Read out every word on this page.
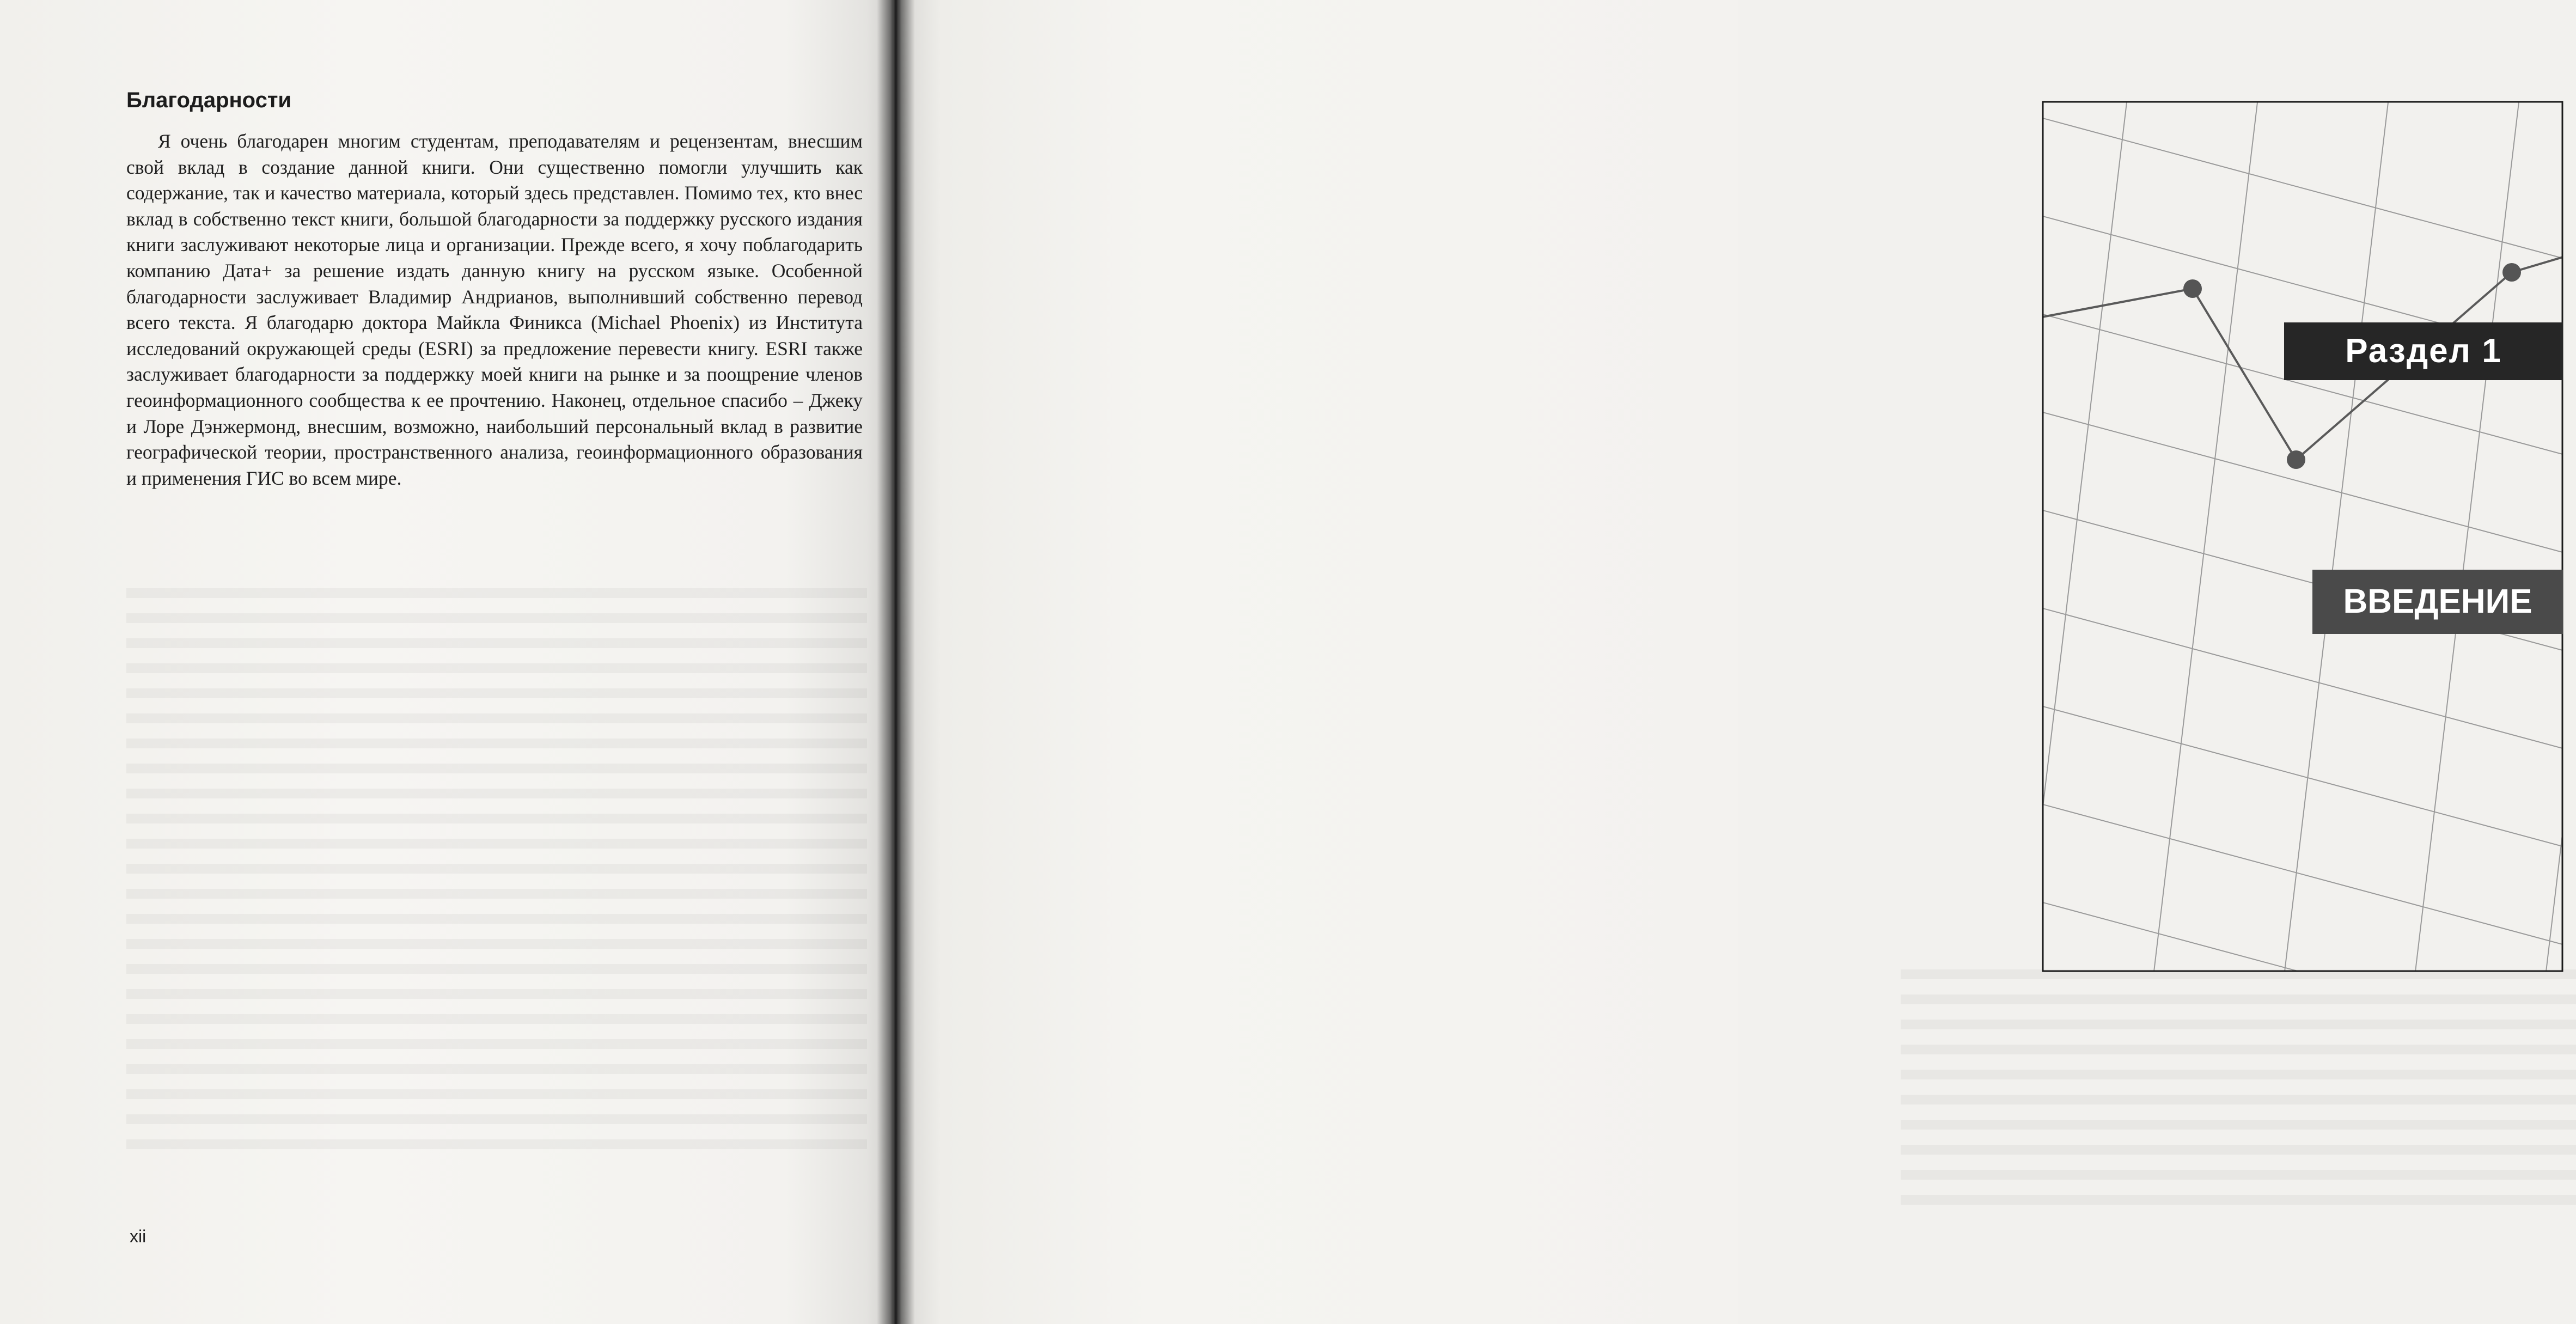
Благодарности

Я очень благодарен многим студентам, преподавателям и рецензентам, внесшим свой вклад в создание данной книги. Они существенно помогли улучшить как содержание, так и качество материала, который здесь представлен. Помимо тех, кто внес вклад в собственно текст книги, большой благодарности за поддержку русского издания книги заслуживают некоторые лица и организации. Прежде всего, я хочу поблагодарить компанию Дата+ за решение издать данную книгу на русском языке. Особенной благодарности заслуживает Владимир Андрианов, выполнивший собственно перевод всего текста. Я благодарю доктора Майкла Финикса (Michael Phoenix) из Института исследований окружающей среды (ESRI) за предложение перевести книгу. ESRI также заслуживает благодарности за поддержку моей книги на рынке и за поощрение членов геоинформационного сообщества к ее прочтению. Наконец, отдельное спасибо – Джеку и Лоре Дэнжермонд, внесшим, возможно, наибольший персональный вклад в развитие географической теории, пространственного анализа, геоинформационного образования и применения ГИС во всем мире.

xii
Раздел 1
ВВЕДЕНИЕ
